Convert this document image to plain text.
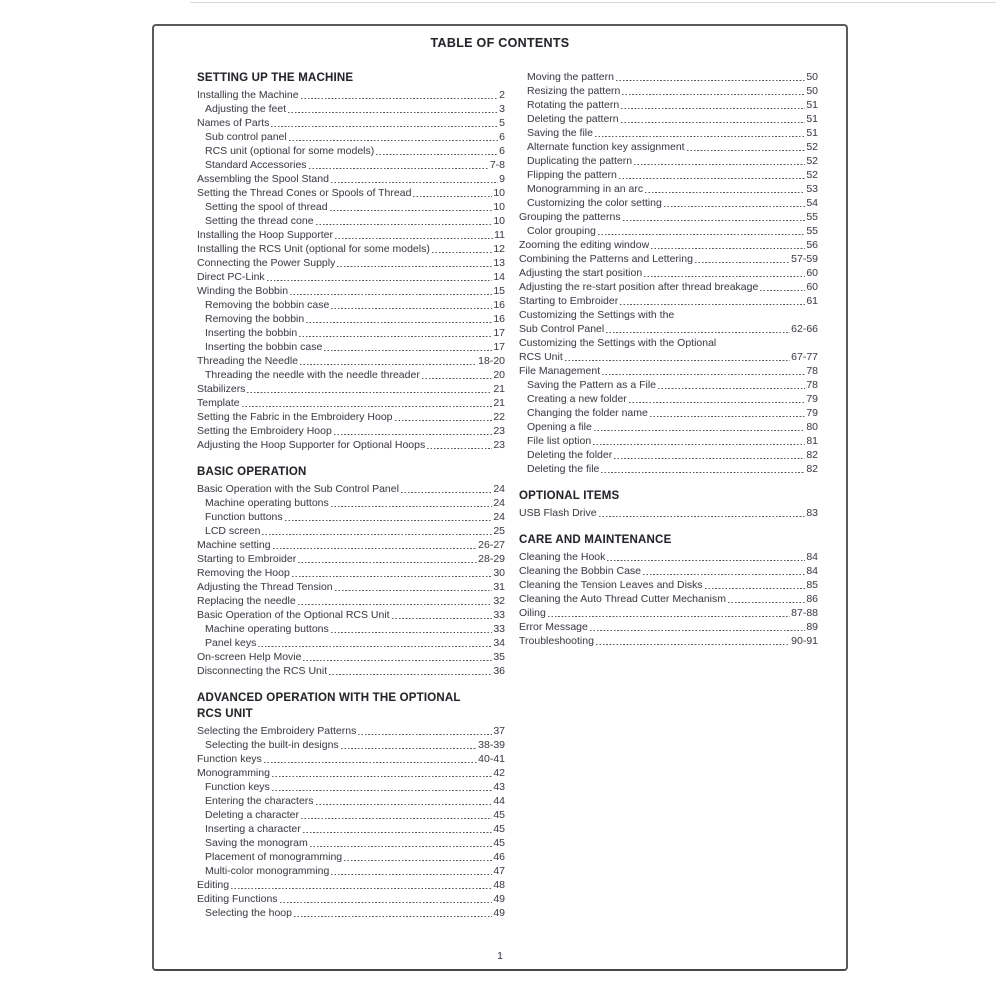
TABLE OF CONTENTS
SETTING UP THE MACHINE
Installing the Machine	2
Adjusting the feet	3
Names of Parts	5
Sub control panel	6
RCS unit (optional for some models)	6
Standard Accessories	7-8
Assembling the Spool Stand	9
Setting the Thread Cones or Spools of Thread	10
Setting the spool of thread	10
Setting the thread cone	10
Installing the Hoop Supporter	11
Installing the RCS Unit (optional for some models)	12
Connecting the Power Supply	13
Direct PC-Link	14
Winding the Bobbin	15
Removing the bobbin case	16
Removing the bobbin	16
Inserting the bobbin	17
Inserting the bobbin case	17
Threading the Needle	18-20
Threading the needle with the needle threader	20
Stabilizers	21
Template	21
Setting the Fabric in the Embroidery Hoop	22
Setting the Embroidery Hoop	23
Adjusting the Hoop Supporter for Optional Hoops	23
BASIC OPERATION
Basic Operation with the Sub Control Panel	24
Machine operating buttons	24
Function buttons	24
LCD screen	25
Machine setting	26-27
Starting to Embroider	28-29
Removing the Hoop	30
Adjusting the Thread Tension	31
Replacing the needle	32
Basic Operation of the Optional RCS Unit	33
Machine operating buttons	33
Panel keys	34
On-screen Help Movie	35
Disconnecting the RCS Unit	36
ADVANCED OPERATION WITH THE OPTIONAL
RCS UNIT
Selecting the Embroidery Patterns	37
Selecting the built-in designs	38-39
Function keys	40-41
Monogramming	42
Function keys	43
Entering the characters	44
Deleting a character	45
Inserting a character	45
Saving the monogram	45
Placement of monogramming	46
Multi-color monogramming	47
Editing	48
Editing Functions	49
Selecting the hoop	49
Moving the pattern	50
Resizing the pattern	50
Rotating the pattern	51
Deleting the pattern	51
Saving the file	51
Alternate function key assignment	52
Duplicating the pattern	52
Flipping the pattern	52
Monogramming in an arc	53
Customizing the color setting	54
Grouping the patterns	55
Color grouping	55
Zooming the editing window	56
Combining the Patterns and Lettering	57-59
Adjusting the start position	60
Adjusting the re-start position after thread breakage	60
Starting to Embroider	61
Customizing the Settings with the
Sub Control Panel	62-66
Customizing the Settings with the Optional
RCS Unit	67-77
File Management	78
Saving the Pattern as a File	78
Creating a new folder	79
Changing the folder name	79
Opening a file	80
File list option	81
Deleting the folder	82
Deleting the file	82
OPTIONAL ITEMS
USB Flash Drive	83
CARE AND MAINTENANCE
Cleaning the Hook	84
Cleaning the Bobbin Case	84
Cleaning the Tension Leaves and Disks	85
Cleaning the Auto Thread Cutter Mechanism	86
Oiling	87-88
Error Message	89
Troubleshooting	90-91
1
